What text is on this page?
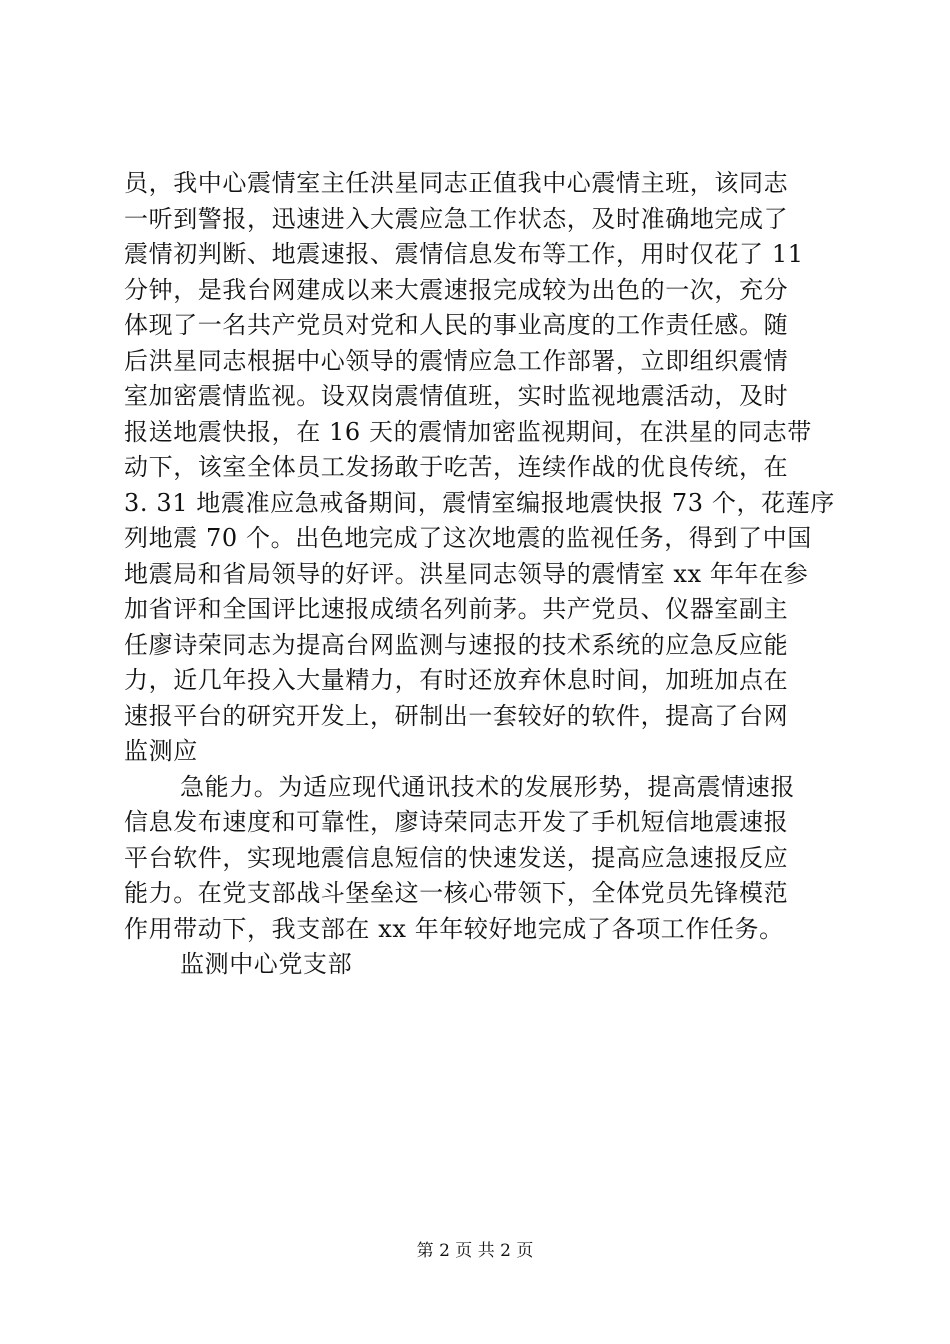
员，我中心震情室主任洪星同志正值我中心震情主班，该同志
一听到警报，迅速进入大震应急工作状态，及时准确地完成了
震情初判断、地震速报、震情信息发布等工作，用时仅花了 11
分钟，是我台网建成以来大震速报完成较为出色的一次，充分
体现了一名共产党员对党和人民的事业高度的工作责任感。随
后洪星同志根据中心领导的震情应急工作部署，立即组织震情
室加密震情监视。设双岗震情值班，实时监视地震活动，及时
报送地震快报，在 16 天的震情加密监视期间，在洪星的同志带
动下，该室全体员工发扬敢于吃苦，连续作战的优良传统，在
3. 31 地震准应急戒备期间，震情室编报地震快报 73 个，花莲序
列地震 70 个。出色地完成了这次地震的监视任务，得到了中国
地震局和省局领导的好评。洪星同志领导的震情室 xx 年年在参
加省评和全国评比速报成绩名列前茅。共产党员、仪器室副主
任廖诗荣同志为提高台网监测与速报的技术系统的应急反应能
力，近几年投入大量精力，有时还放弃休息时间，加班加点在
速报平台的研究开发上，研制出一套较好的软件，提高了台网
监测应
急能力。为适应现代通讯技术的发展形势，提高震情速报
信息发布速度和可靠性，廖诗荣同志开发了手机短信地震速报
平台软件，实现地震信息短信的快速发送，提高应急速报反应
能力。在党支部战斗堡垒这一核心带领下，全体党员先锋模范
作用带动下，我支部在 xx 年年较好地完成了各项工作任务。
监测中心党支部
第 2 页 共 2 页
